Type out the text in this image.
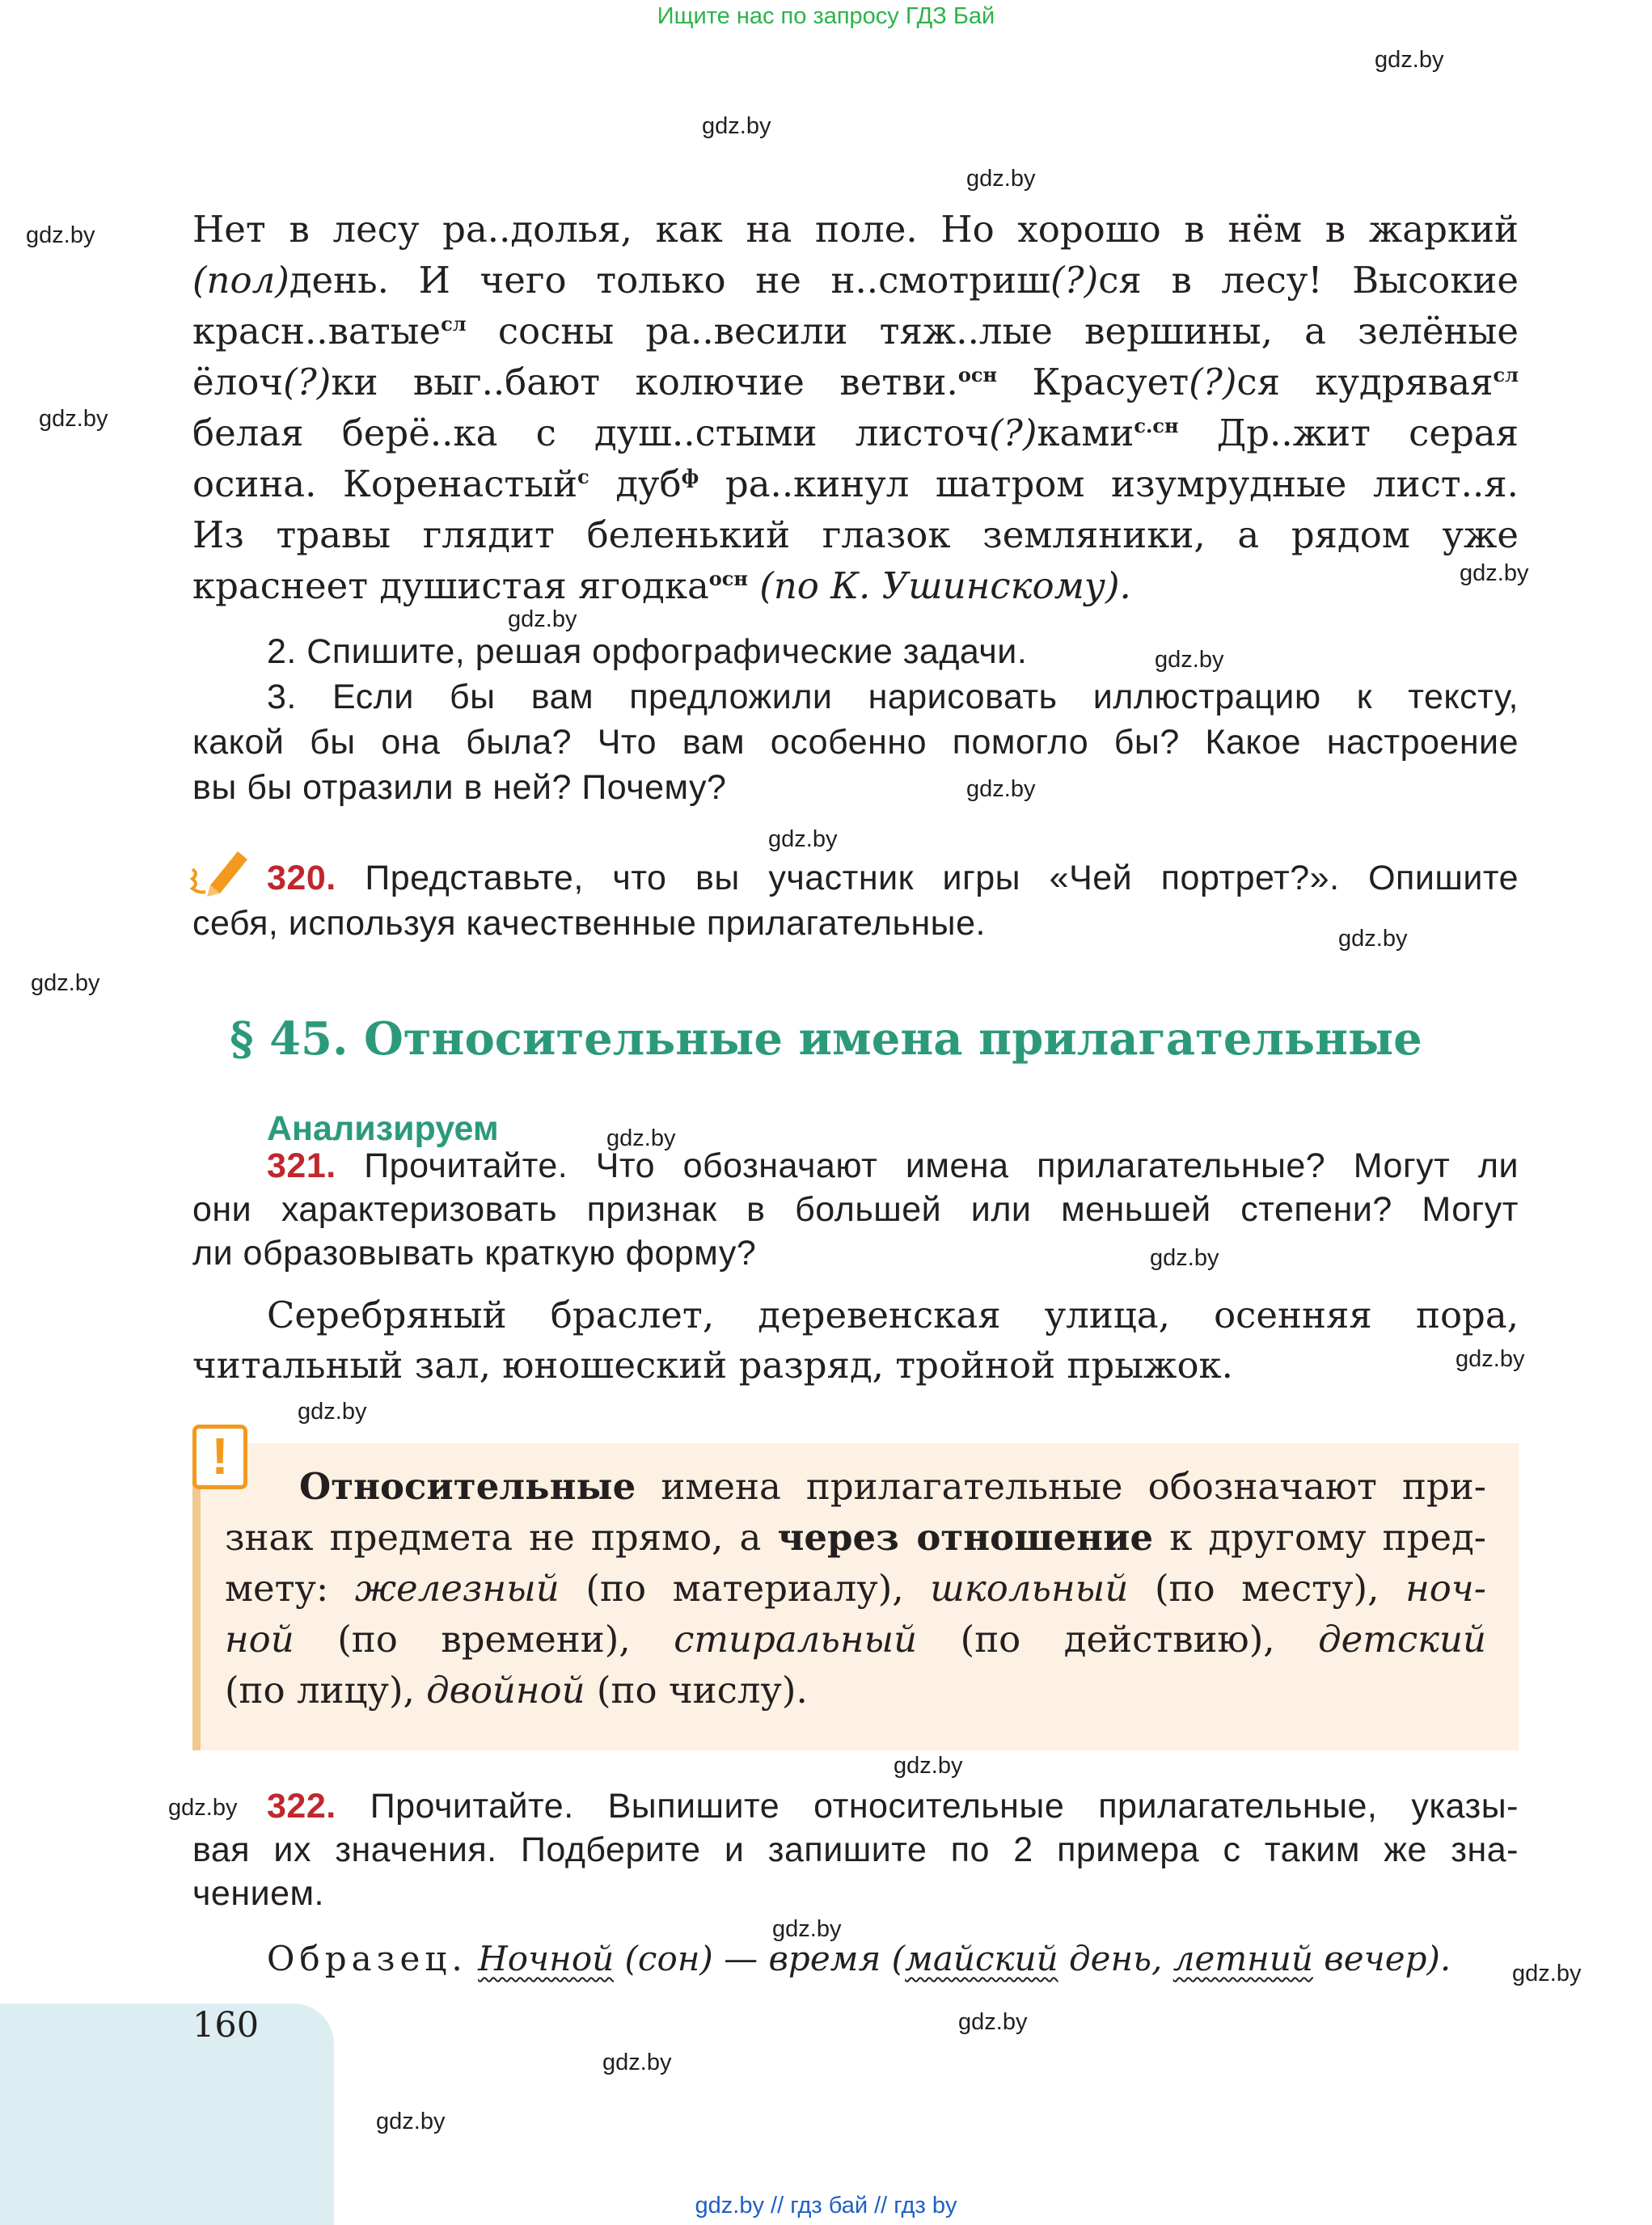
Ищите нас по запросу ГДЗ Бай
gdz.by
gdz.by
gdz.by
gdz.by
gdz.by
gdz.by
gdz.by
gdz.by
gdz.by
gdz.by
gdz.by
gdz.by
gdz.by
gdz.by
gdz.by
gdz.by
gdz.by
gdz.by
gdz.by
gdz.by
gdz.by
gdz.by
gdz.by
Нет в лесу ра..долья, как на поле. Но хорошо в нём в жаркий
(пол)день. И чего только не н..смотриш(?)ся в лесу! Высокие
красн..ватые$^{сл}$ сосны ра..весили тяж..лые вершины, а зелёные
ёлоч(?)ки выг..бают колючие ветви.$^{осн}$ Красует(?)ся кудрявая$^{сл}$
белая берё..ка с душ..стыми листоч(?)ками$^{с.сн}$ Др..жит серая
осина. Коренастый$^с$ дуб$^ф$ ра..кинул шатром изумрудные лист..я.
Из травы глядит беленький глазок земляники, а рядом уже
краснеет душистая ягодка$^{осн}$ (по К. Ушинскому).
2. Спишите, решая орфографические задачи.
3. Если бы вам предложили нарисовать иллюстрацию к тексту,
какой бы она была? Что вам особенно помогло бы? Какое настроение
вы бы отразили в ней? Почему?
320. Представьте, что вы участник игры «Чей портрет?». Опишите
себя, используя качественные прилагательные.
§ 45. Относительные имена прилагательные
Анализируем
321. Прочитайте. Что обозначают имена прилагательные? Могут ли
они характеризовать признак в большей или меньшей степени? Могут
ли образовывать краткую форму?
Серебряный браслет, деревенская улица, осенняя пора,
читальный зал, юношеский разряд, тройной прыжок.
!
Относительные имена прилагательные обозначают при-
знак предмета не прямо, а через отношение к другому пред-
мету: железный (по материалу), школьный (по месту), ноч-
ной (по времени), стиральный (по действию), детский
(по лицу), двойной (по числу).
322. Прочитайте. Выпишите относительные прилагательные, указы-
вая их значения. Подберите и запишите по 2 примера с таким же зна-
чением.
Образец. Ночной (сон) — время (майский день, летний вечер).
160
gdz.by // гдз бай // гдз by
